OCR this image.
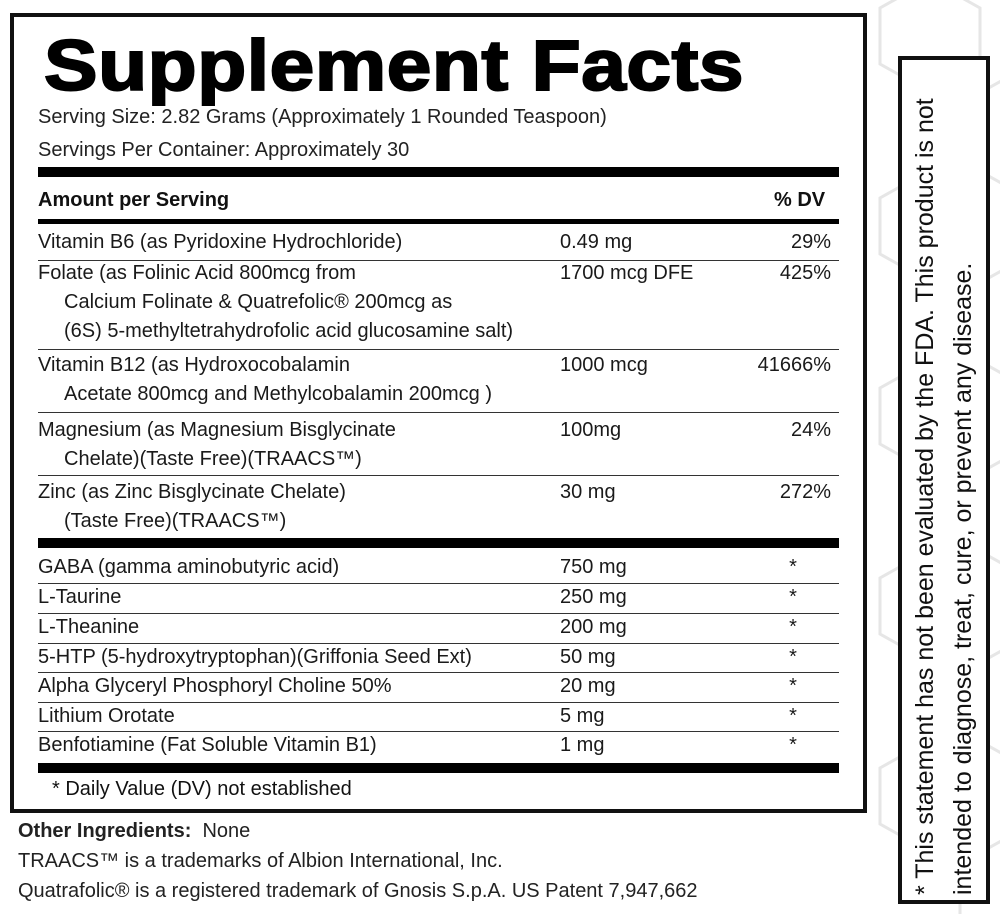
Supplement Facts
Serving Size: 2.82 Grams (Approximately 1 Rounded Teaspoon)
Servings Per Container: Approximately 30
Amount per Serving	% DV
Vitamin B6 (as Pyridoxine Hydrochloride)	0.49 mg	29%
Folate (as Folinic Acid 800mcg from
Calcium Folinate & Quatrefolic® 200mcg as
(6S) 5-methyltetrahydrofolic acid glucosamine salt)
1700 mcg DFE	425%
Vitamin B12 (as Hydroxocobalamin
Acetate 800mcg and Methylcobalamin 200mcg )
1000 mcg	41666%
Magnesium (as Magnesium Bisglycinate
Chelate)(Taste Free)(TRAACS™)
100mg	24%
Zinc (as Zinc Bisglycinate Chelate)
(Taste Free)(TRAACS™)
30 mg	272%
GABA (gamma aminobutyric acid)	750 mg	*
L-Taurine	250 mg	*
L-Theanine	200 mg	*
5-HTP (5-hydroxytryptophan)(Griffonia Seed Ext)	50 mg	*
Alpha Glyceryl Phosphoryl Choline 50%	20 mg	*
Lithium Orotate	5 mg	*
Benfotiamine (Fat Soluble Vitamin B1)	1 mg	*
* Daily Value (DV) not established
Other Ingredients: None
TRAACS™ is a trademarks of Albion International, Inc.
Quatrafolic® is a registered trademark of Gnosis S.p.A. US Patent 7,947,662	* This statement has not been evaluated by the FDA. This product is not intended to diagnose, treat, cure, or prevent any disease.
